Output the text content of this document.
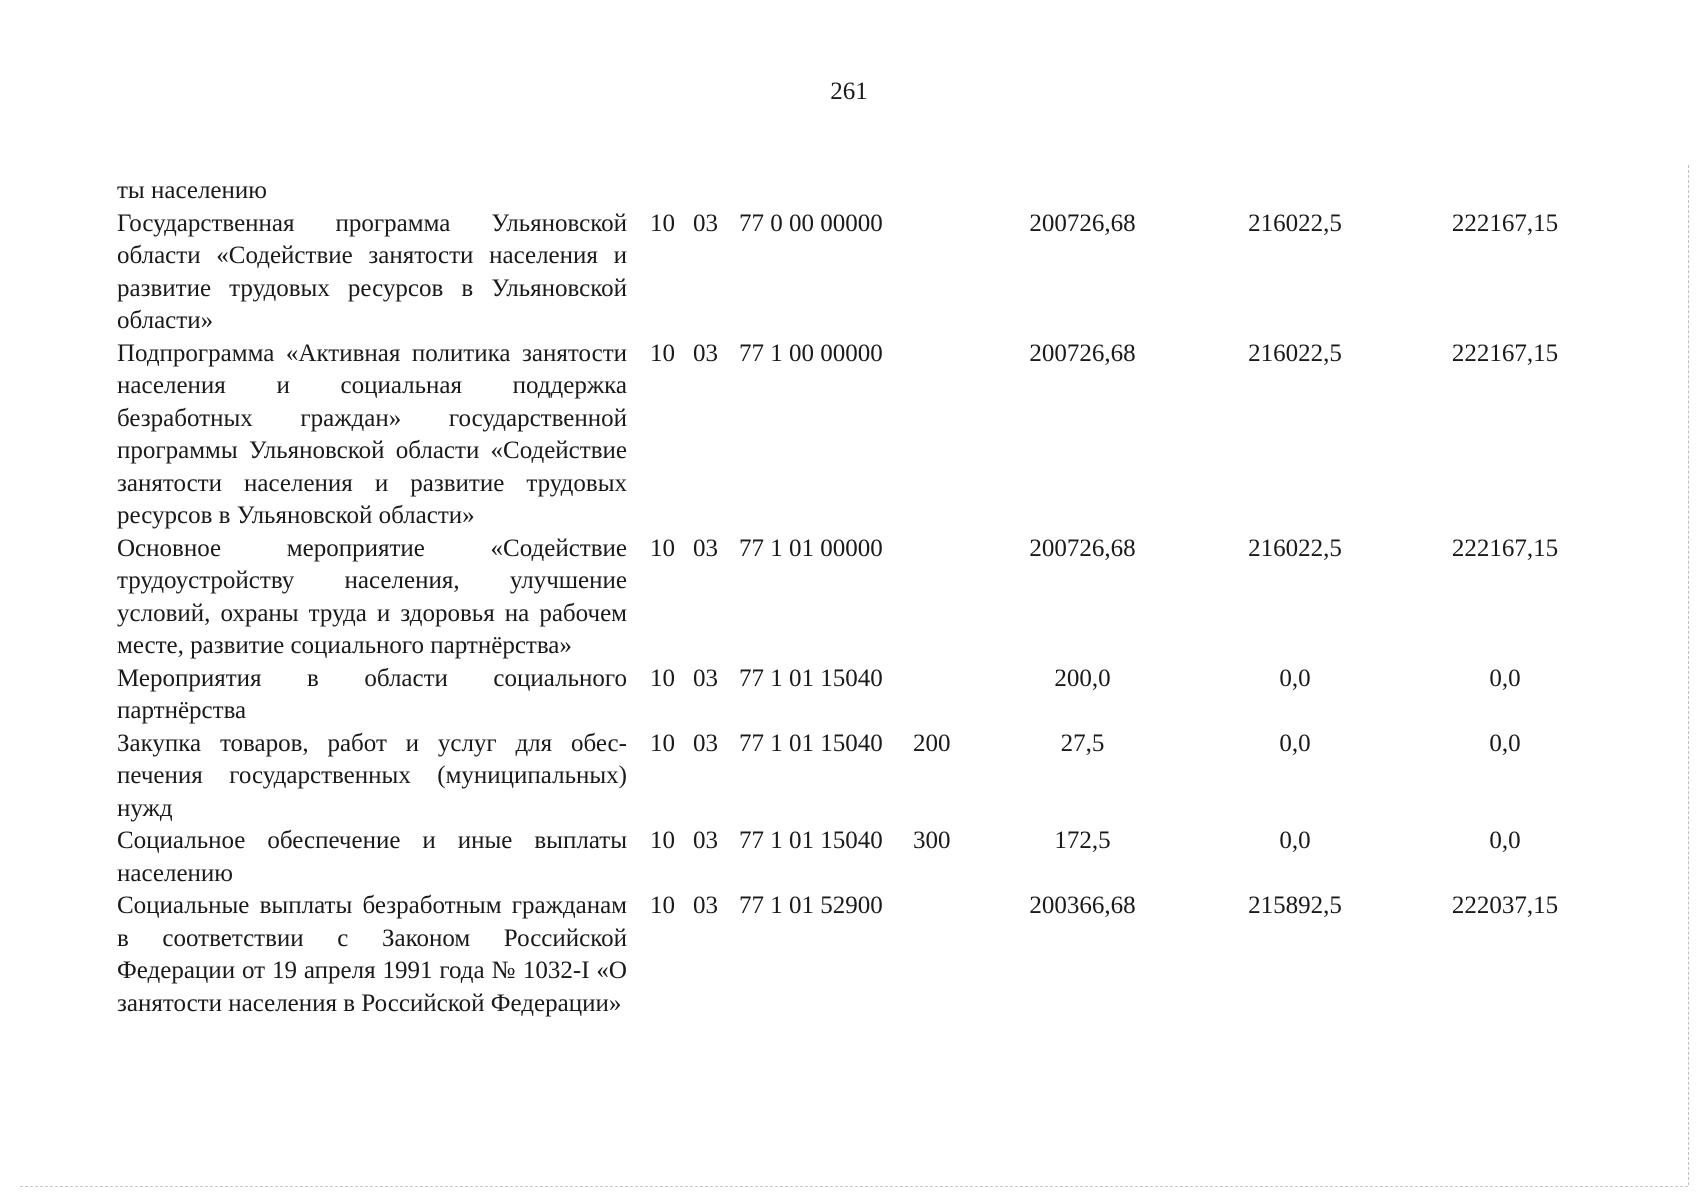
261
ты населению							
Государственная программа Ульяновской области «Содействие занятости населения и развитие трудовых ресурсов в Ульяновской области»	10	03	77 0 00 00000		200726,68	216022,5	222167,15
Подпрограмма «Активная политика занятости населения и социальная поддержка безработных граждан» государственной программы Ульяновской области «Содействие занятости населения и развитие трудовых ресурсов в Ульяновской области»	10	03	77 1 00 00000		200726,68	216022,5	222167,15
Основное мероприятие «Содействие трудоустройству населения, улучшение условий, охраны труда и здоровья на рабочем месте, развитие социального партнёрства»	10	03	77 1 01 00000		200726,68	216022,5	222167,15
Мероприятия в области социального партнёрства	10	03	77 1 01 15040		200,0	0,0	0,0
Закупка товаров, работ и услуг для обеспечения государственных (муниципальных) нужд	10	03	77 1 01 15040	200	27,5	0,0	0,0
Социальное обеспечение и иные выплаты населению	10	03	77 1 01 15040	300	172,5	0,0	0,0
Социальные выплаты безработным гражданам в соответствии с Законом Российской Федерации от 19 апреля 1991 года № 1032-I «О занятости населения в Российской Федерации»	10	03	77 1 01 52900		200366,68	215892,5	222037,15
